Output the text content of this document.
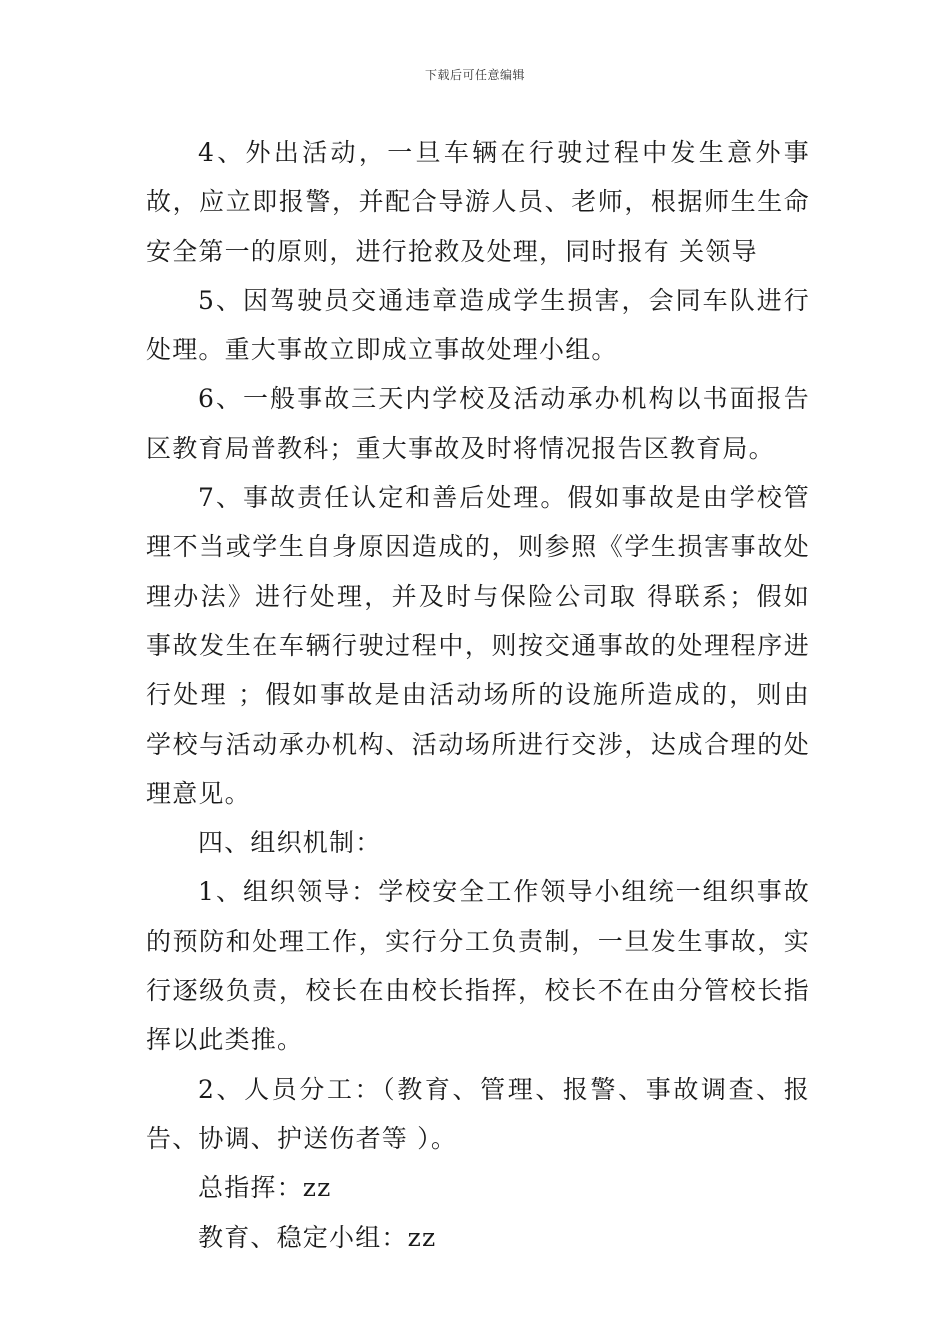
下载后可任意编辑

4、外出活动，一旦车辆在行驶过程中发生意外事故，应立即报警，并配合导游人员、老师，根据师生生命安全第一的原则，进行抢救及处理，同时报有 关领导

5、因驾驶员交通违章造成学生损害，会同车队进行处理。重大事故立即成立事故处理小组。

6、一般事故三天内学校及活动承办机构以书面报告区教育局普教科；重大事故及时将情况报告区教育局。

7、事故责任认定和善后处理。假如事故是由学校管理不当或学生自身原因造成的，则参照《学生损害事故处理办法》进行处理，并及时与保险公司取 得联系；假如事故发生在车辆行驶过程中，则按交通事故的处理程序进行处理 ；假如事故是由活动场所的设施所造成的，则由学校与活动承办机构、活动场所进行交涉，达成合理的处理意见。

四、组织机制：

1、组织领导：学校安全工作领导小组统一组织事故的预防和处理工作，实行分工负责制，一旦发生事故，实行逐级负责，校长在由校长指挥，校长不在由分管校长指挥以此类推。

2、人员分工：（教育、管理、报警、事故调查、报告、协调、护送伤者等 ）。

总指挥：zz

教育、稳定小组：zz
